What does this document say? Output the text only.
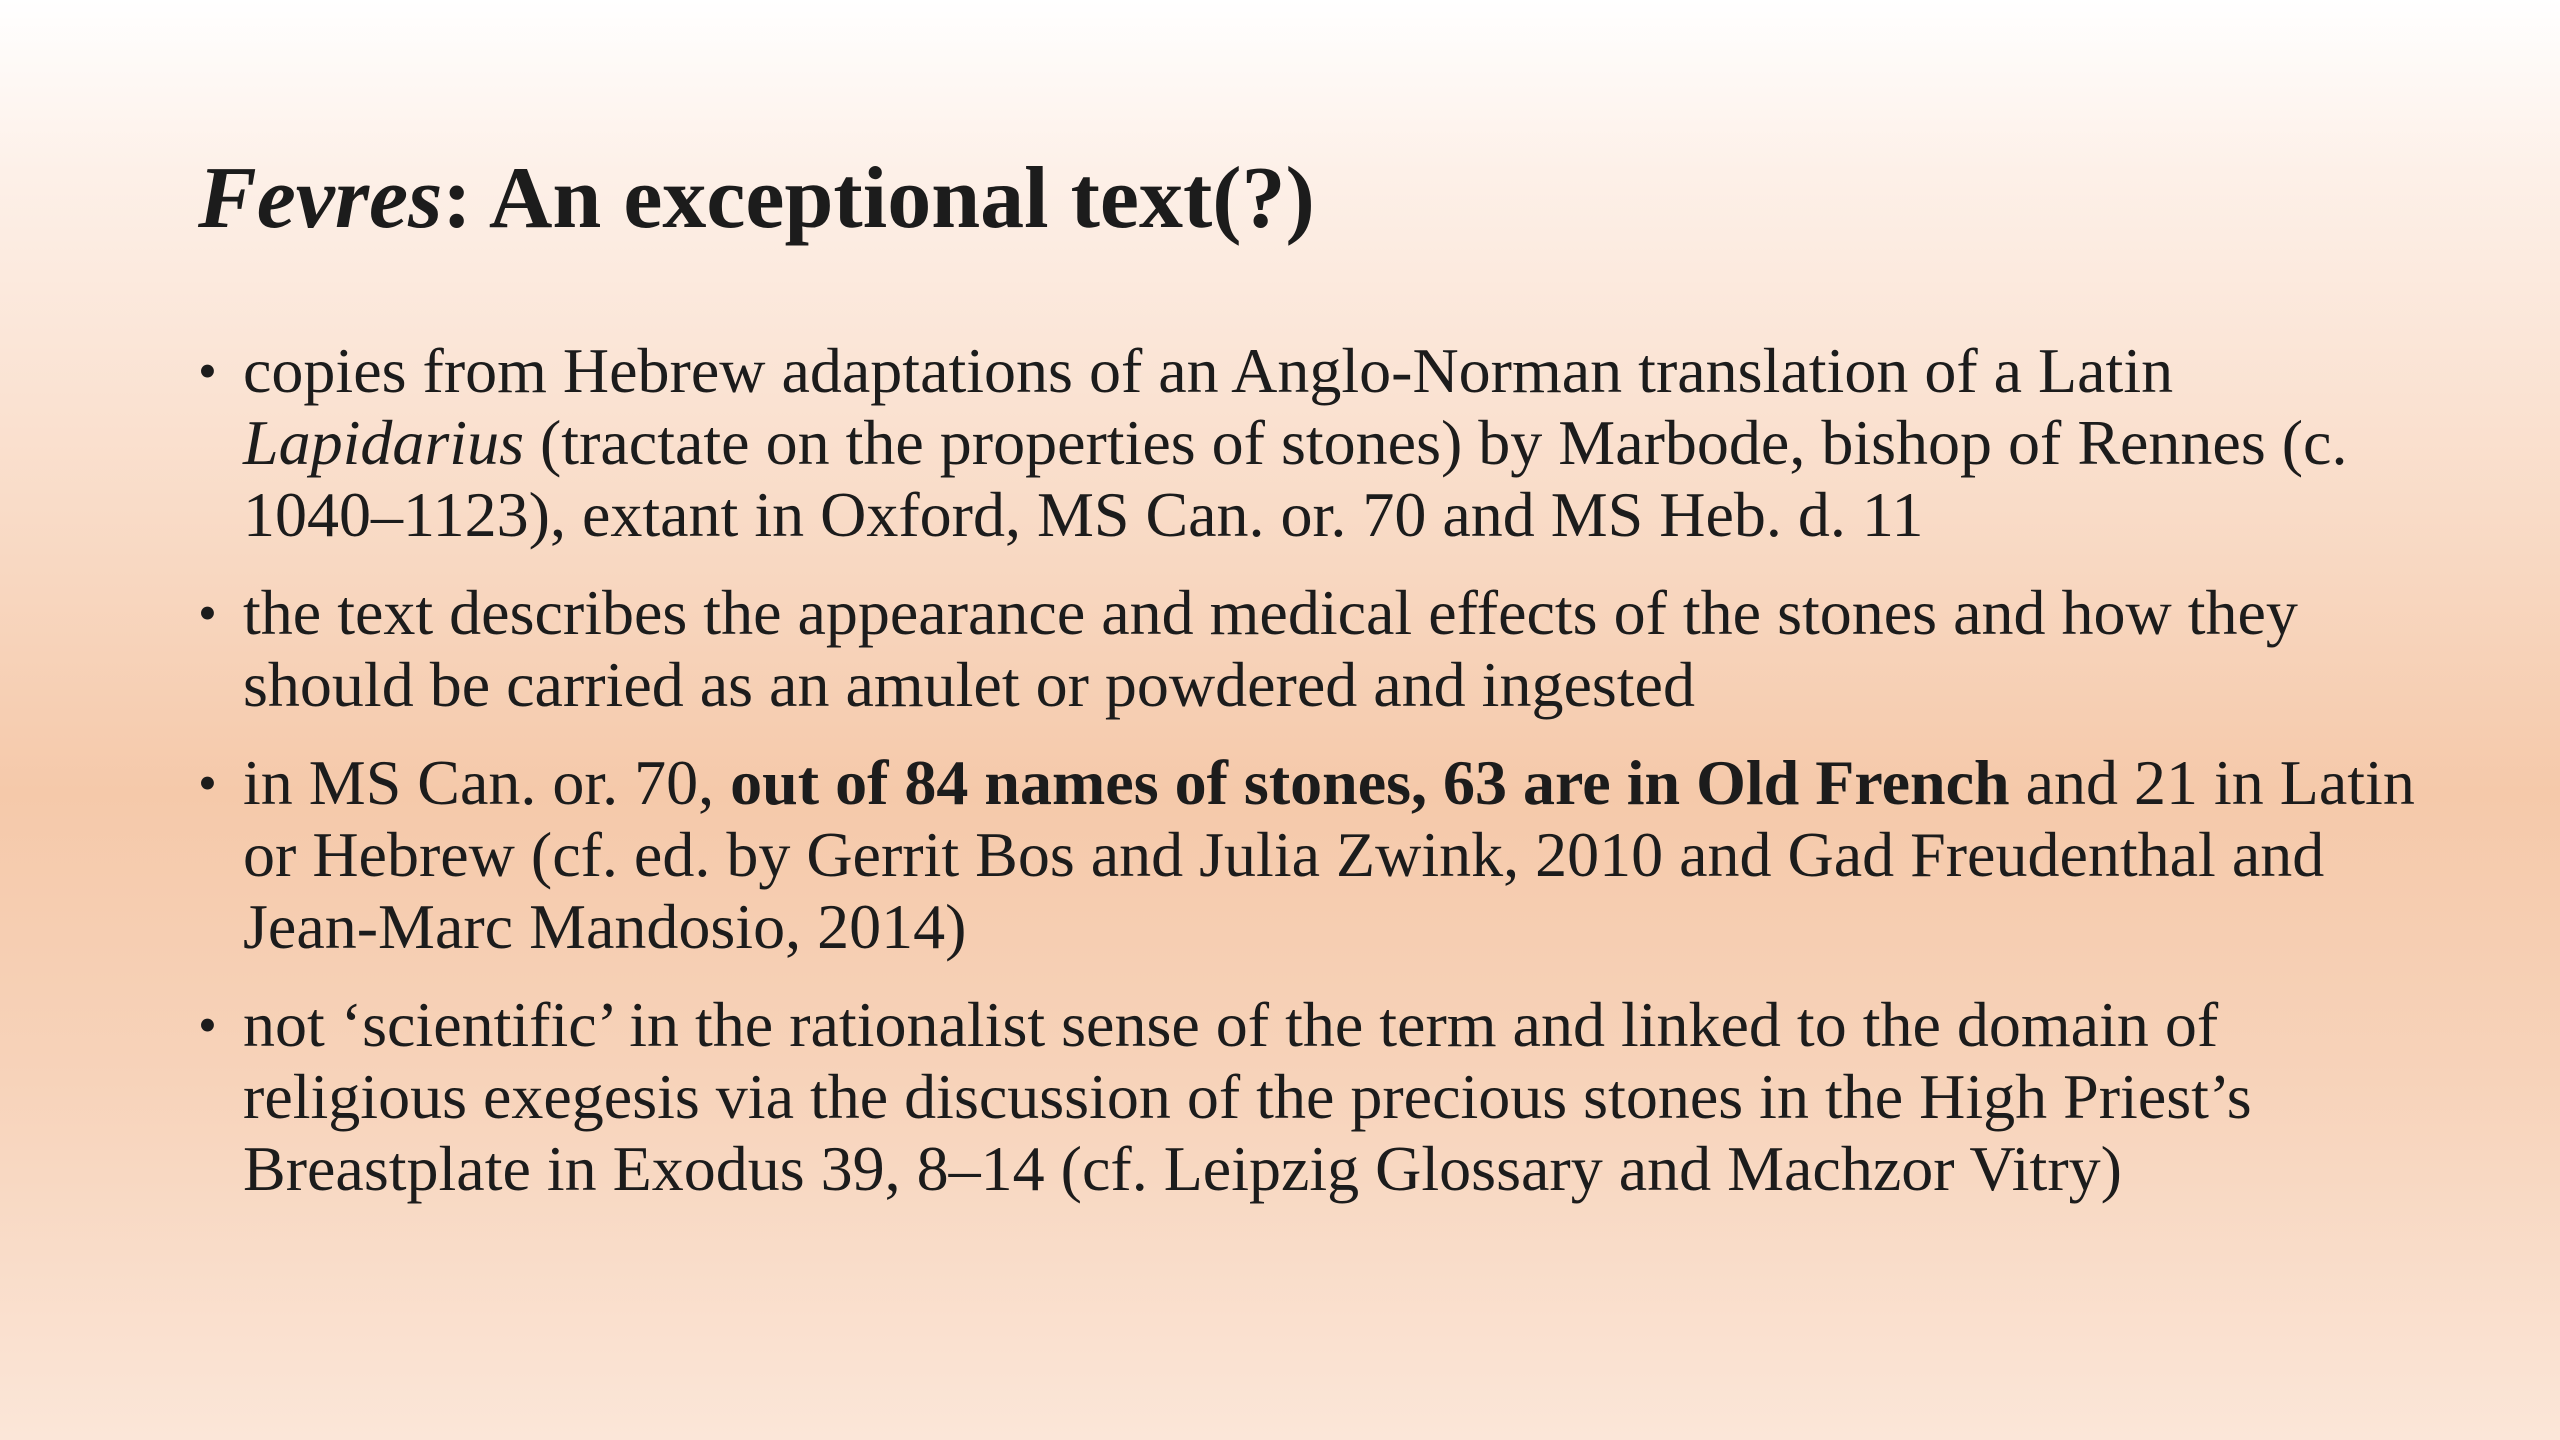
Fevres: An exceptional text(?)
• copies from Hebrew adaptations of an Anglo-Norman translation of a Latin Lapidarius (tractate on the properties of stones) by Marbode, bishop of Rennes (c. 1040–1123), extant in Oxford, MS Can. or. 70 and MS Heb. d. 11
• the text describes the appearance and medical effects of the stones and how they should be carried as an amulet or powdered and ingested
• in MS Can. or. 70, out of 84 names of stones, 63 are in Old French and 21 in Latin or Hebrew (cf. ed. by Gerrit Bos and Julia Zwink, 2010 and Gad Freudenthal and Jean-Marc Mandosio, 2014)
• not ‘scientific’ in the rationalist sense of the term and linked to the domain of religious exegesis via the discussion of the precious stones in the High Priest’s Breastplate in Exodus 39, 8–14 (cf. Leipzig Glossary and Machzor Vitry)
